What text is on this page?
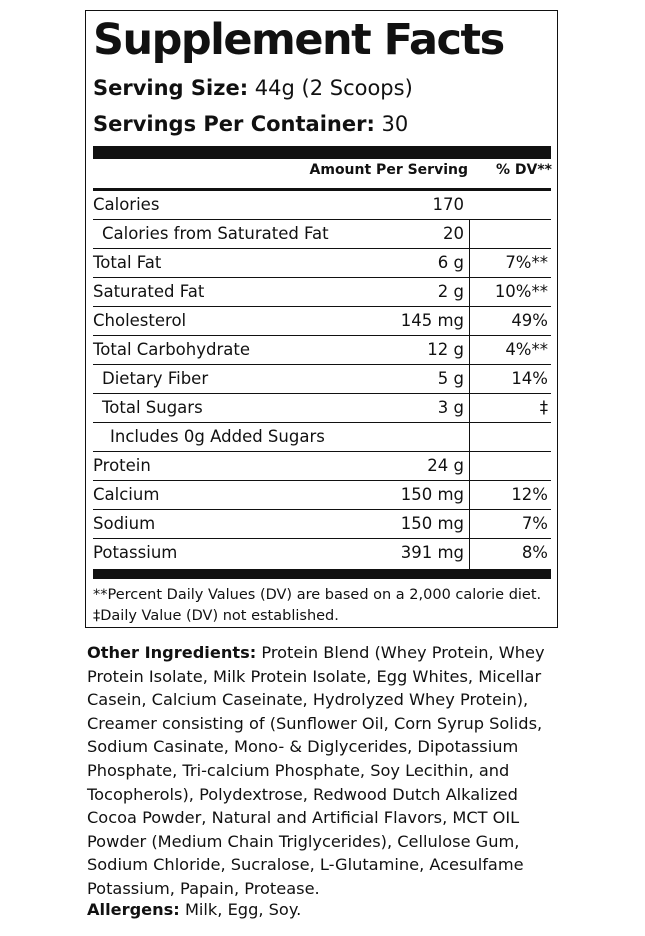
Supplement Facts
Serving Size: 44g (2 Scoops)
Servings Per Container: 30
Amount Per Serving % DV**
Calories	170
Calories from Saturated Fat	20
Total Fat	6 g	7%**
Saturated Fat	2 g 10%**
Cholesterol	145 mg	49%
Total Carbohydrate	12 g	4%**
Dietary Fiber	5 g	14%
Total Sugars	3 g	‡
Includes 0g Added Sugars
Protein	24 g
Calcium	150 mg	12%
Sodium	150 mg	7%
Potassium	391 mg	8%
**Percent Daily Values (DV) are based on a 2,000 calorie diet.
‡Daily Value (DV) not established.
Other Ingredients: Protein Blend (Whey Protein, Whey Protein Isolate, Milk Protein Isolate, Egg Whites, Micellar Casein, Calcium Caseinate, Hydrolyzed Whey Protein), Creamer consisting of (Sunflower Oil, Corn Syrup Solids, Sodium Casinate, Mono- & Diglycerides, Dipotassium Phosphate, Tri-calcium Phosphate, Soy Lecithin, and Tocopherols), Polydextrose, Redwood Dutch Alkalized Cocoa Powder, Natural and Artificial Flavors, MCT OIL Powder (Medium Chain Triglycerides), Cellulose Gum, Sodium Chloride, Sucralose, L-Glutamine, Acesulfame Potassium, Papain, Protease.
Allergens: Milk, Egg, Soy.
